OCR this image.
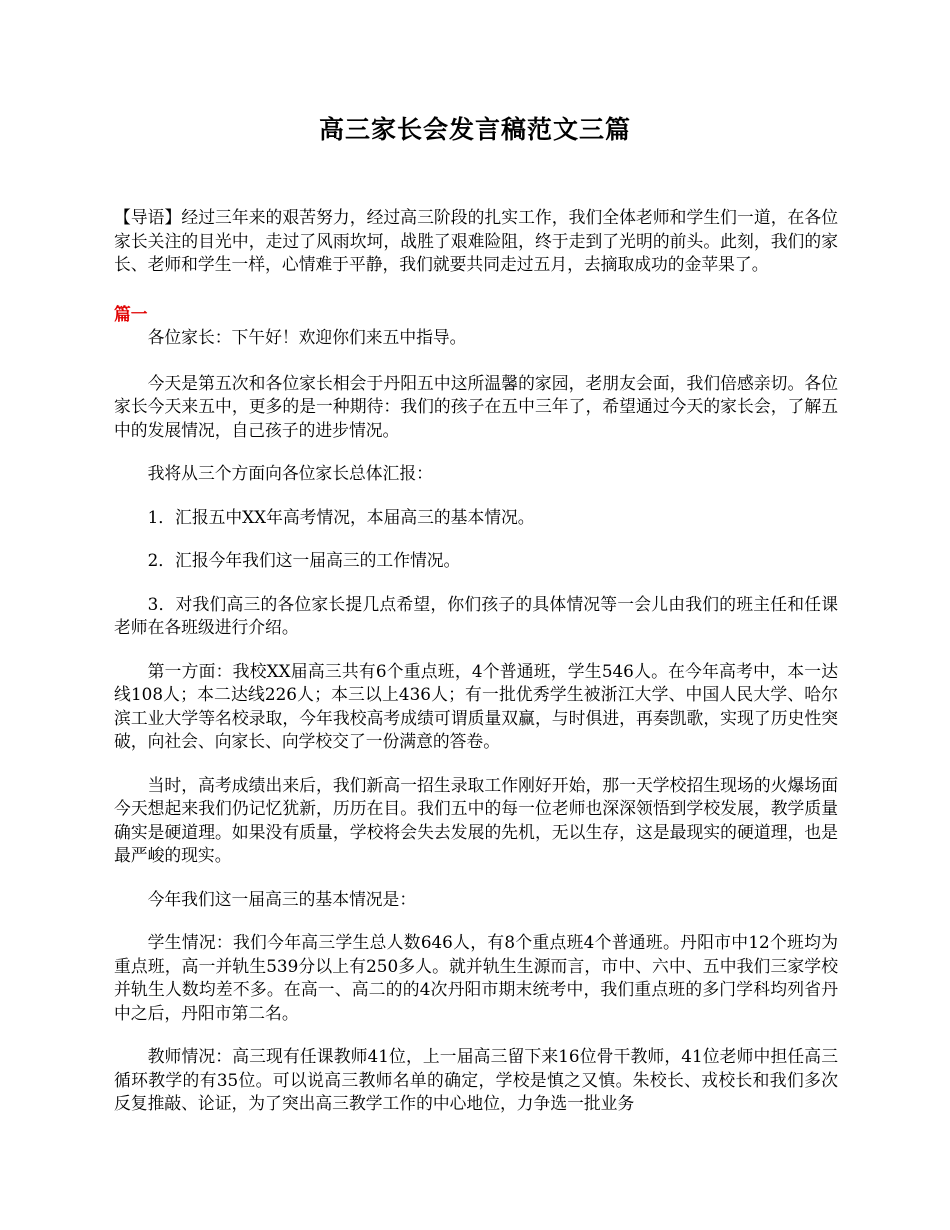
高三家长会发言稿范文三篇

【导语】经过三年来的艰苦努力，经过高三阶段的扎实工作，我们全体老师和学生们一道，在各位家长关注的目光中，走过了风雨坎坷，战胜了艰难险阻，终于走到了光明的前头。此刻，我们的家长、老师和学生一样，心情难于平静，我们就要共同走过五月，去摘取成功的金苹果了。

篇一

各位家长：下午好！欢迎你们来五中指导。

今天是第五次和各位家长相会于丹阳五中这所温馨的家园，老朋友会面，我们倍感亲切。各位家长今天来五中，更多的是一种期待：我们的孩子在五中三年了，希望通过今天的家长会，了解五中的发展情况，自己孩子的进步情况。

我将从三个方面向各位家长总体汇报：

1．汇报五中XX年高考情况，本届高三的基本情况。

2．汇报今年我们这一届高三的工作情况。

3．对我们高三的各位家长提几点希望，你们孩子的具体情况等一会儿由我们的班主任和任课老师在各班级进行介绍。

第一方面：我校XX届高三共有6个重点班，4个普通班，学生546人。在今年高考中，本一达线108人；本二达线226人；本三以上436人；有一批优秀学生被浙江大学、中国人民大学、哈尔滨工业大学等名校录取，今年我校高考成绩可谓质量双赢，与时俱进，再奏凯歌，实现了历史性突破，向社会、向家长、向学校交了一份满意的答卷。

当时，高考成绩出来后，我们新高一招生录取工作刚好开始，那一天学校招生现场的火爆场面今天想起来我们仍记忆犹新，历历在目。我们五中的每一位老师也深深领悟到学校发展，教学质量确实是硬道理。如果没有质量，学校将会失去发展的先机，无以生存，这是最现实的硬道理，也是最严峻的现实。

今年我们这一届高三的基本情况是：

学生情况：我们今年高三学生总人数646人，有8个重点班4个普通班。丹阳市中12个班均为重点班，高一并轨生539分以上有250多人。就并轨生生源而言，市中、六中、五中我们三家学校并轨生人数均差不多。在高一、高二的的4次丹阳市期末统考中，我们重点班的多门学科均列省丹中之后，丹阳市第二名。

教师情况：高三现有任课教师41位，上一届高三留下来16位骨干教师，41位老师中担任高三循环教学的有35位。可以说高三教师名单的确定，学校是慎之又慎。朱校长、戎校长和我们多次反复推敲、论证，为了突出高三教学工作的中心地位，力争选一批业务
